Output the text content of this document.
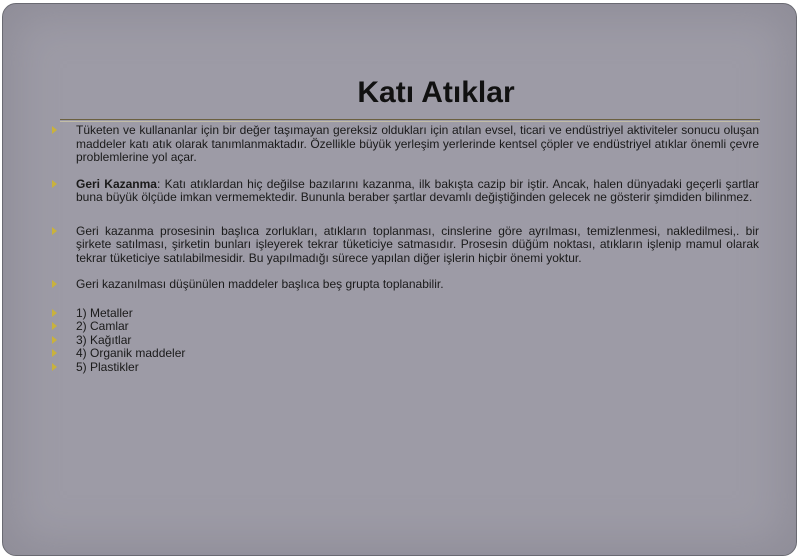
Katı Atıklar

Tüketen ve kullananlar için bir değer taşımayan gereksiz oldukları için atılan evsel, ticari ve endüstriyel aktiviteler sonucu oluşan maddeler katı atık olarak tanımlanmaktadır. Özellikle büyük yerleşim yerlerinde kentsel çöpler ve endüstriyel atıklar önemli çevre problemlerine yol açar.

Geri Kazanma: Katı atıklardan hiç değilse bazılarını kazanma, ilk bakışta cazip bir iştir. Ancak, halen dünyadaki geçerli şartlar buna büyük ölçüde imkan vermemektedir. Bununla beraber şartlar devamlı değiştiğinden gelecek ne gösterir şimdiden bilinmez.

Geri kazanma prosesinin başlıca zorlukları, atıkların toplanması, cinslerine göre ayrılması, temizlenmesi, nakledilmesi,. bir şirkete satılması, şirketin bunları işleyerek tekrar tüketiciye satmasıdır. Prosesin düğüm noktası, atıkların işlenip mamul olarak tekrar tüketiciye satılabilmesidir. Bu yapılmadığı sürece yapılan diğer işlerin hiçbir önemi yoktur.

Geri kazanılması düşünülen maddeler başlıca beş grupta toplanabilir.

1) Metaller

2) Camlar

3) Kağıtlar

4) Organik maddeler

5) Plastikler
